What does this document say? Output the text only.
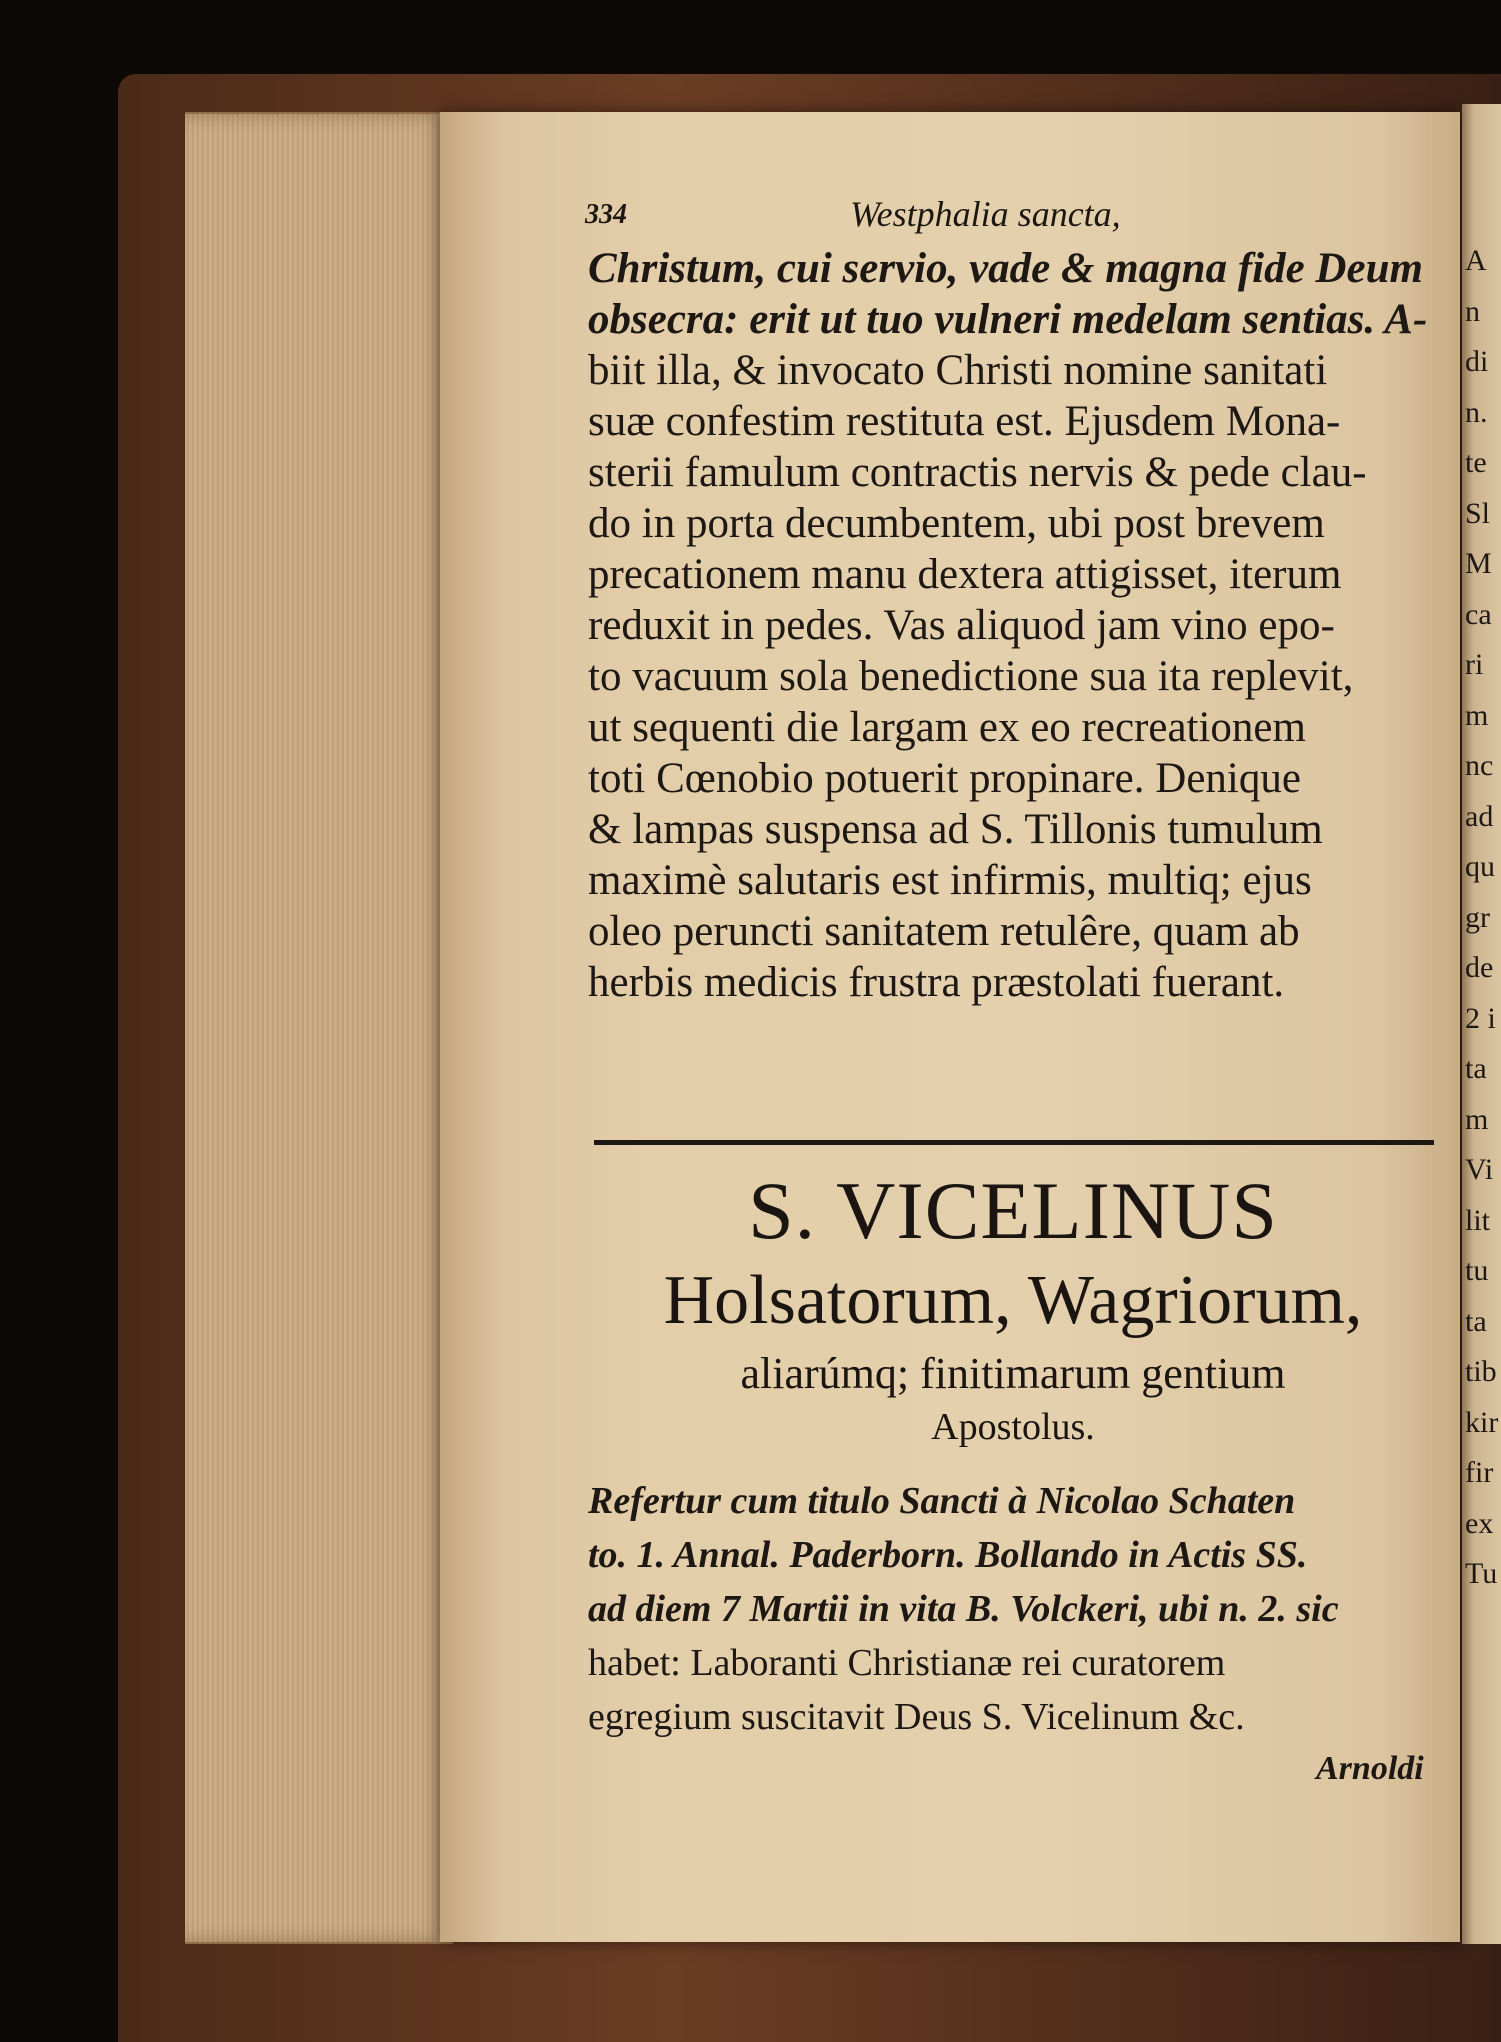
A
n
di
n.
te
Sl
M
ca
ri
m
nc
ad
qu
gr
de
2 i
ta
m
Vi
lit
tu
ta
tib
kir
fir
ex
Tu
334	Westphalia sancta,
Christum, cui servio, vade & magna fide Deum
obsecra: erit ut tuo vulneri medelam sentias. A-
biit illa, & invocato Christi nomine sanitati
suæ confestim restituta est. Ejusdem Mona-
sterii famulum contractis nervis & pede clau-
do in porta decumbentem, ubi post brevem
precationem manu dextera attigisset, iterum
reduxit in pedes. Vas aliquod jam vino epo-
to vacuum sola benedictione sua ita replevit,
ut sequenti die largam ex eo recreationem
toti Cœnobio potuerit propinare. Denique
& lampas suspensa ad S. Tillonis tumulum
maximè salutaris est infirmis, multiq; ejus
oleo peruncti sanitatem retulêre, quam ab
herbis medicis frustra præstolati fuerant.
S. VICELINUS
Holsatorum, Wagriorum,
aliarúmq; finitimarum gentium
Apostolus.
Refertur cum titulo Sancti à Nicolao Schaten
to. 1. Annal. Paderborn. Bollando in Actis SS.
ad diem 7 Martii in vita B. Volckeri, ubi n. 2. sic
habet: Laboranti Christianæ rei curatorem
egregium suscitavit Deus S. Vicelinum &c.
Arnoldi
